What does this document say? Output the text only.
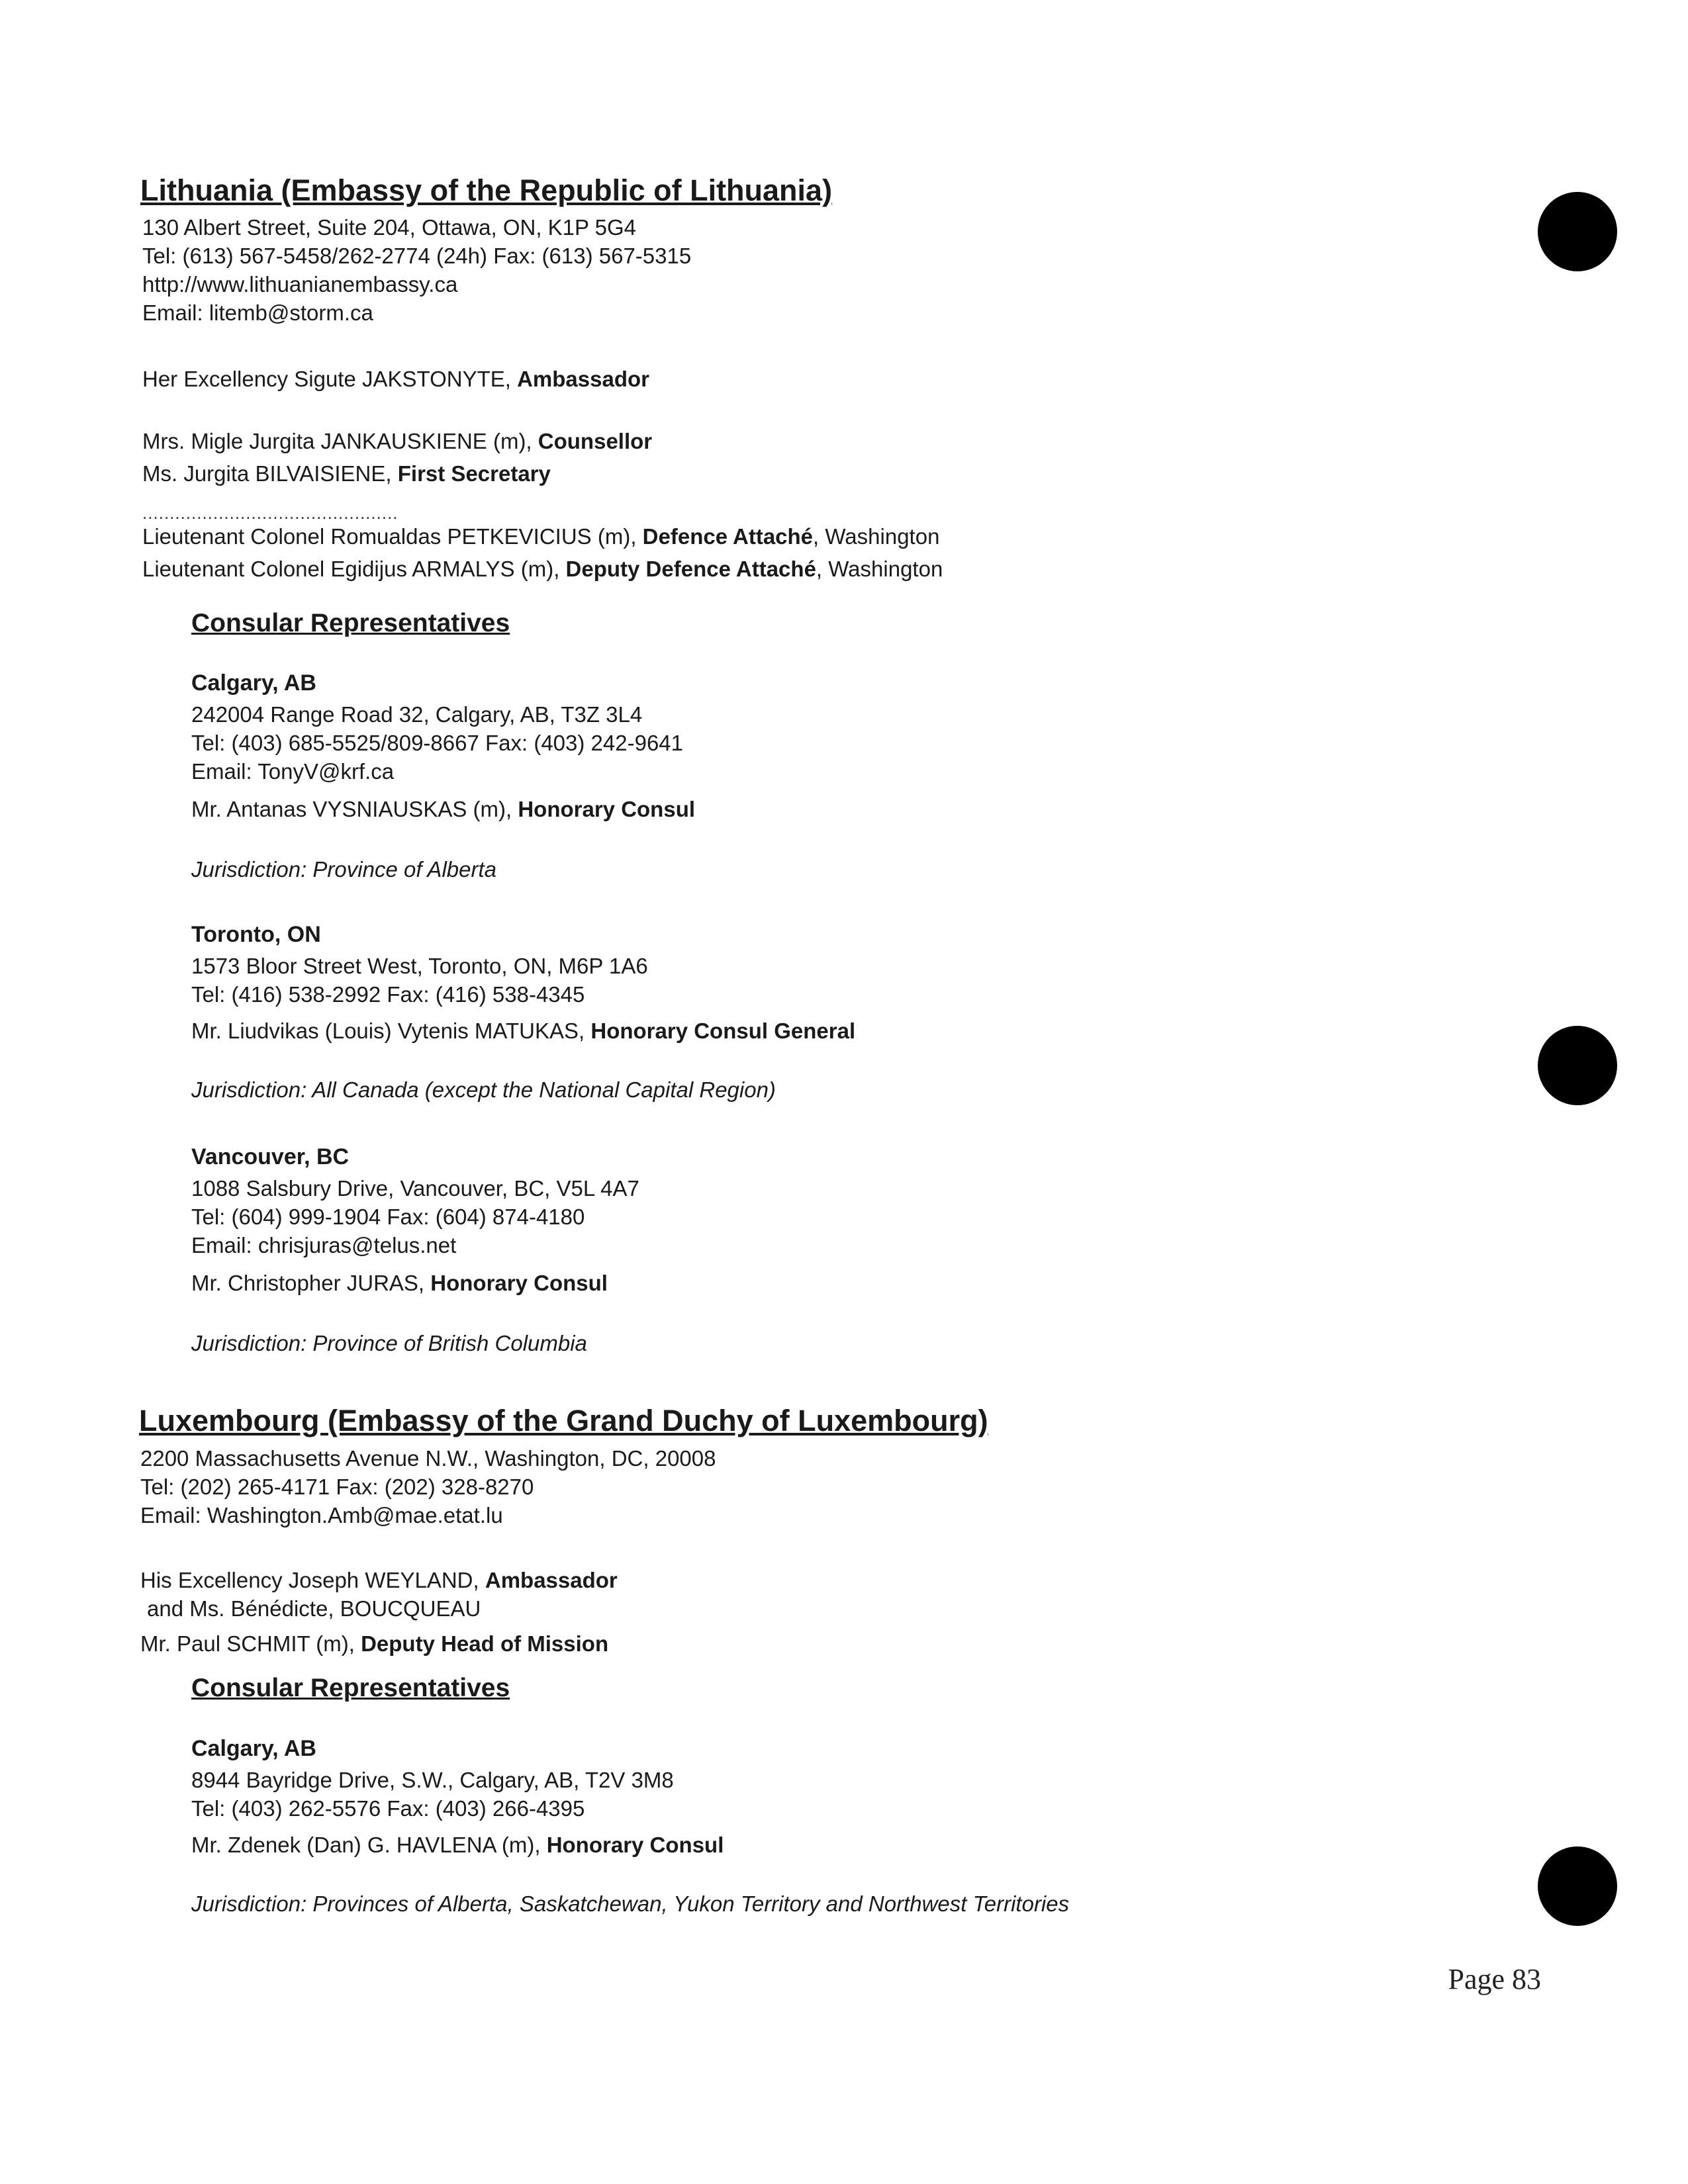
Lithuania (Embassy of the Republic of Lithuania)
130 Albert Street, Suite 204, Ottawa, ON, K1P 5G4
Tel: (613) 567-5458/262-2774 (24h) Fax: (613) 567-5315
http://www.lithuanianembassy.ca
Email: litemb@storm.ca
Her Excellency Sigute JAKSTONYTE, Ambassador
Mrs. Migle Jurgita JANKAUSKIENE (m), Counsellor
Ms. Jurgita BILVAISIENE, First Secretary
...............................................
Lieutenant Colonel Romualdas PETKEVICIUS (m), Defence Attaché, Washington
Lieutenant Colonel Egidijus ARMALYS (m), Deputy Defence Attaché, Washington
Consular Representatives
Calgary, AB
242004 Range Road 32, Calgary, AB, T3Z 3L4
Tel: (403) 685-5525/809-8667 Fax: (403) 242-9641
Email: TonyV@krf.ca
Mr. Antanas VYSNIAUSKAS (m), Honorary Consul
Jurisdiction: Province of Alberta
Toronto, ON
1573 Bloor Street West, Toronto, ON, M6P 1A6
Tel: (416) 538-2992 Fax: (416) 538-4345
Mr. Liudvikas (Louis) Vytenis MATUKAS, Honorary Consul General
Jurisdiction: All Canada (except the National Capital Region)
Vancouver, BC
1088 Salsbury Drive, Vancouver, BC, V5L 4A7
Tel: (604) 999-1904 Fax: (604) 874-4180
Email: chrisjuras@telus.net
Mr. Christopher JURAS, Honorary Consul
Jurisdiction: Province of British Columbia
Luxembourg (Embassy of the Grand Duchy of Luxembourg)
2200 Massachusetts Avenue N.W., Washington, DC, 20008
Tel: (202) 265-4171 Fax: (202) 328-8270
Email: Washington.Amb@mae.etat.lu
His Excellency Joseph WEYLAND, Ambassador
and Ms. Bénédicte, BOUCQUEAU
Mr. Paul SCHMIT (m), Deputy Head of Mission
Consular Representatives
Calgary, AB
8944 Bayridge Drive, S.W., Calgary, AB, T2V 3M8
Tel: (403) 262-5576 Fax: (403) 266-4395
Mr. Zdenek (Dan) G. HAVLENA (m), Honorary Consul
Jurisdiction: Provinces of Alberta, Saskatchewan, Yukon Territory and Northwest Territories
Page 83
